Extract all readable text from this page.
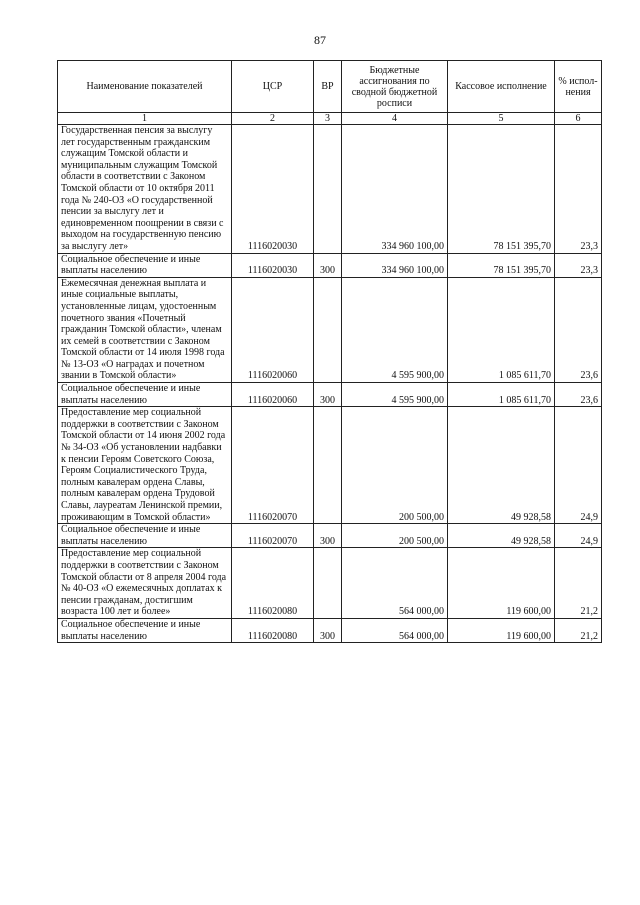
87
Наименование показателей	ЦСР	ВР	Бюджетные ассигнования по сводной бюджетной росписи	Кассовое исполнение	% испол-нения
1	2	3	4	5	6
Государственная пенсия за выслугу лет государственным гражданским служащим Томской области и муниципальным служащим Томской области в соответствии с Законом Томской области от 10 октября 2011 года № 240-ОЗ «О государственной пенсии за выслугу лет и единовременном поощрении в связи с выходом на государственную пенсию за выслугу лет»	1116020030		334 960 100,00	78 151 395,70	23,3
Социальное обеспечение и иные выплаты населению	1116020030	300	334 960 100,00	78 151 395,70	23,3
Ежемесячная денежная выплата и иные социальные выплаты, установленные лицам, удостоенным почетного звания «Почетный гражданин Томской области», членам их семей в соответствии с Законом Томской области от 14 июля 1998 года № 13-ОЗ «О наградах и почетном звании в Томской области»	1116020060		4 595 900,00	1 085 611,70	23,6
Социальное обеспечение и иные выплаты населению	1116020060	300	4 595 900,00	1 085 611,70	23,6
Предоставление мер социальной поддержки в соответствии с Законом Томской области от 14 июня 2002 года № 34-ОЗ «Об установлении надбавки к пенсии Героям Советского Союза, Героям Социалистического Труда, полным кавалерам ордена Славы, полным кавалерам ордена Трудовой Славы, лауреатам Ленинской премии, проживающим в Томской области»	1116020070		200 500,00	49 928,58	24,9
Социальное обеспечение и иные выплаты населению	1116020070	300	200 500,00	49 928,58	24,9
Предоставление мер социальной поддержки в соответствии с Законом Томской области от 8 апреля 2004 года № 40-ОЗ «О ежемесячных доплатах к пенсии гражданам, достигшим возраста 100 лет и более»	1116020080		564 000,00	119 600,00	21,2
Социальное обеспечение и иные выплаты населению	1116020080	300	564 000,00	119 600,00	21,2
